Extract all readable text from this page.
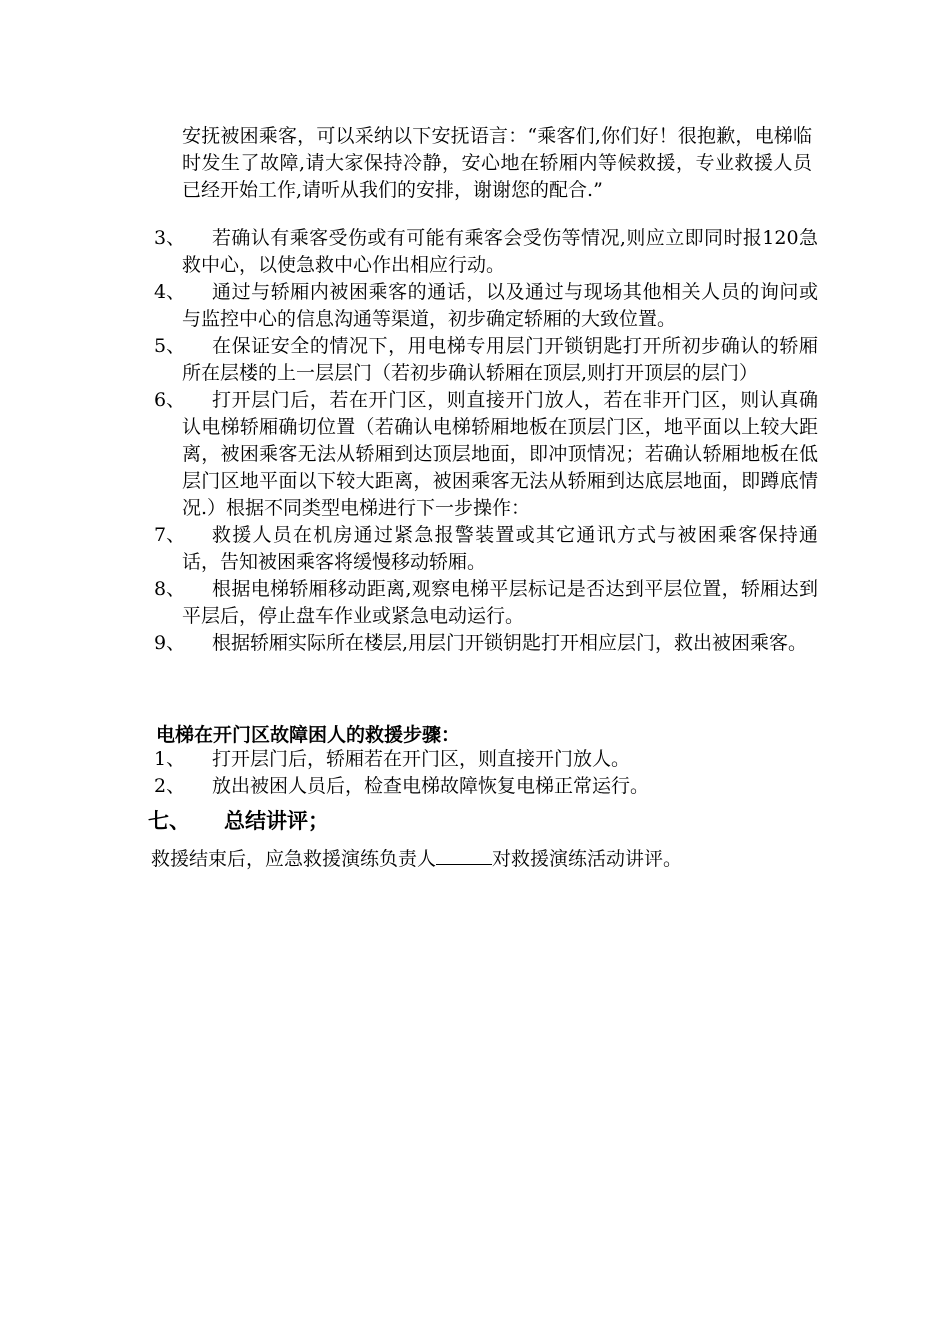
安抚被困乘客，可以采纳以下安抚语言：“乘客们,你们好！很抱歉，电梯临时发生了故障,请大家保持冷静，安心地在轿厢内等候救援，专业救援人员已经开始工作,请听从我们的安排，谢谢您的配合.”
3、	若确认有乘客受伤或有可能有乘客会受伤等情况,则应立即同时报120急救中心，以使急救中心作出相应行动。
4、	通过与轿厢内被困乘客的通话，以及通过与现场其他相关人员的询问或与监控中心的信息沟通等渠道，初步确定轿厢的大致位置。
5、	在保证安全的情况下，用电梯专用层门开锁钥匙打开所初步确认的轿厢所在层楼的上一层层门（若初步确认轿厢在顶层,则打开顶层的层门）
6、	打开层门后，若在开门区，则直接开门放人，若在非开门区，则认真确认电梯轿厢确切位置（若确认电梯轿厢地板在顶层门区，地平面以上较大距离，被困乘客无法从轿厢到达顶层地面，即冲顶情况；若确认轿厢地板在低层门区地平面以下较大距离，被困乘客无法从轿厢到达底层地面，即蹲底情况.）根据不同类型电梯进行下一步操作：
7、	救援人员在机房通过紧急报警装置或其它通讯方式与被困乘客保持通话，告知被困乘客将缓慢移动轿厢。
8、	根据电梯轿厢移动距离,观察电梯平层标记是否达到平层位置，轿厢达到平层后，停止盘车作业或紧急电动运行。
9、	根据轿厢实际所在楼层,用层门开锁钥匙打开相应层门，救出被困乘客。
电梯在开门区故障困人的救援步骤：
1、	打开层门后，轿厢若在开门区，则直接开门放人。
2、	放出被困人员后，检查电梯故障恢复电梯正常运行。
七、 总结讲评；
救援结束后，应急救援演练负责人	对救援演练活动讲评。
